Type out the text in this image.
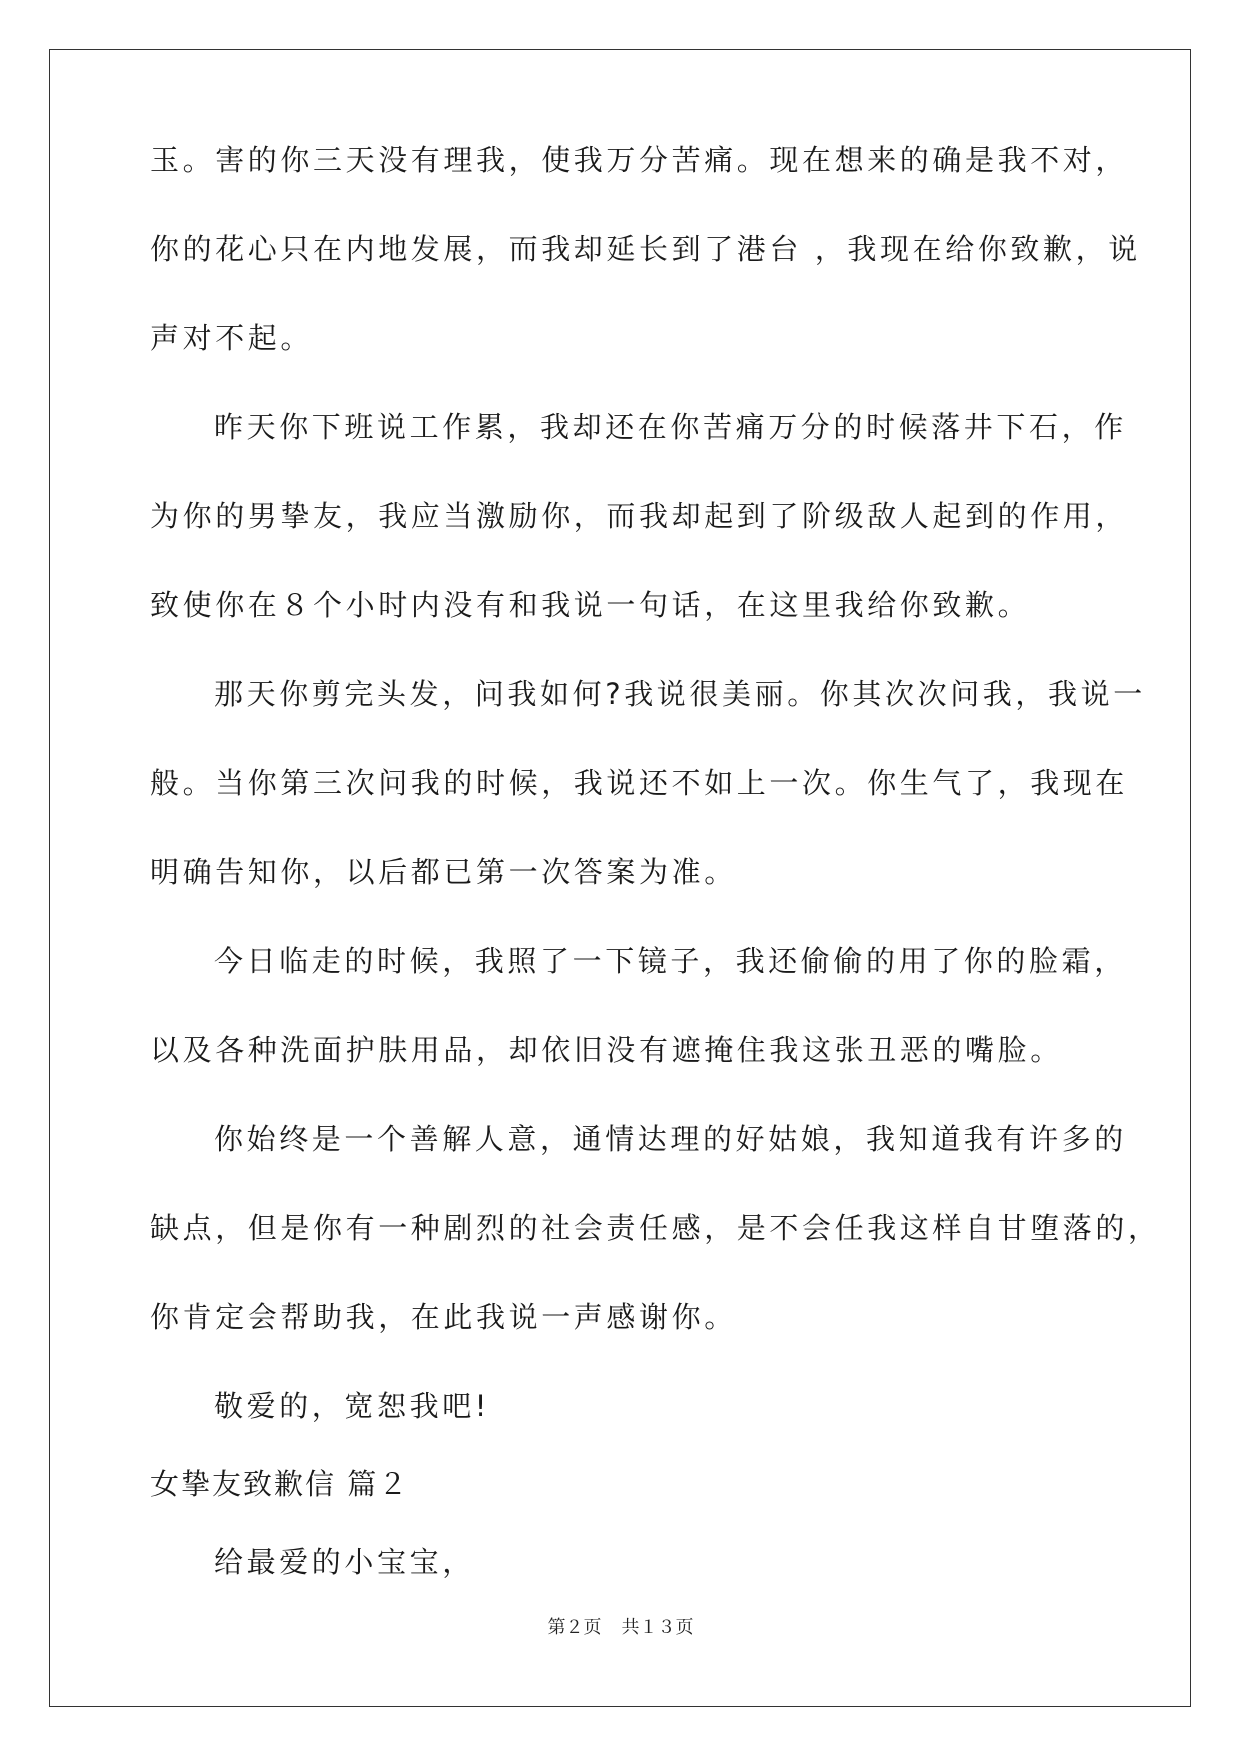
玉。害的你三天没有理我，使我万分苦痛。现在想来的确是我不对，
你的花心只在内地发展，而我却延长到了港台 ，我现在给你致歉，说
声对不起。
昨天你下班说工作累，我却还在你苦痛万分的时候落井下石，作
为你的男挚友，我应当激励你，而我却起到了阶级敌人起到的作用，
致使你在８个小时内没有和我说一句话，在这里我给你致歉。
那天你剪完头发，问我如何?我说很美丽。你其次次问我，我说一
般。当你第三次问我的时候，我说还不如上一次。你生气了，我现在
明确告知你，以后都已第一次答案为准。
今日临走的时候，我照了一下镜子，我还偷偷的用了你的脸霜，
以及各种洗面护肤用品，却依旧没有遮掩住我这张丑恶的嘴脸。
你始终是一个善解人意，通情达理的好姑娘，我知道我有许多的
缺点，但是你有一种剧烈的社会责任感，是不会任我这样自甘堕落的，
你肯定会帮助我，在此我说一声感谢你。
敬爱的，宽恕我吧!
女挚友致歉信 篇２
给最爱的小宝宝，
第２页 共１３页
